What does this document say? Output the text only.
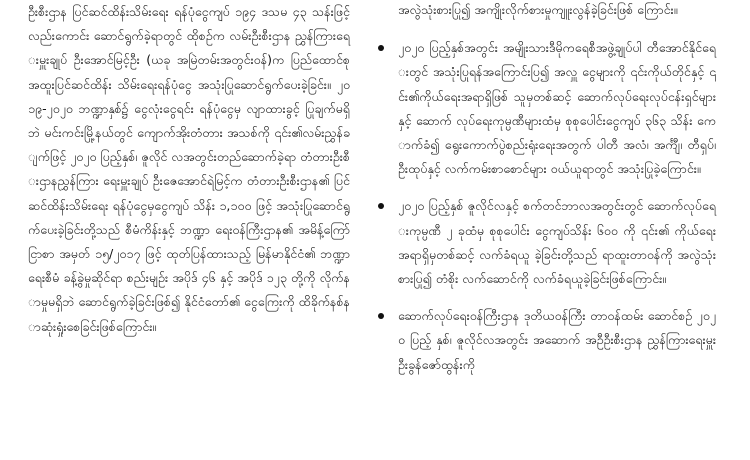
ဦးစီးဌာန ပြင်ဆင်ထိန်းသိမ်းရေး ရန်ပုံငွေကျပ် ၁၉၄ ဒသမ ၄၃ သန်းဖြင့်လည်းကောင်း ဆောင်ရွက်ခဲ့ရာတွင် ထိုစဉ်က လမ်းဦးစီးဌာန ညွှန်ကြားရေးမှူးချုပ် ဦးအောင်မြင့်ဦး (ယခု အမြဲတမ်းအတွင်းဝန်)က ပြည်ထောင်စု အထူးပြင်ဆင်ထိန်း သိမ်းရေးရန်ပုံငွေ အသုံးပြုဆောင်ရွက်ပေးခဲ့ခြင်း။ ၂၀၁၉-၂၀၂၀ ဘဏ္ဍာနှစ်၌ ငွေလုံးငွေရင်း ရန်ပုံငွေမှ လျာထားခွင့် ပြုချက်မရှိဘဲ မင်းကင်းမြို့နယ်တွင် ကျောက်အိုးတံတား အသစ်ကို ၎င်း၏လမ်းညွှန်ချက်ဖြင့် ၂၀၂၀ ပြည့်နှစ်၊ ဇူလိုင် လအတွင်းတည်ဆောက်ခဲ့ရာ တံတားဦးစီးဌာနညွှန်ကြား ရေးမှူးချုပ် ဦးဇေအောင်ရဲမြင့်က တံတားဦးစီးဌာန၏ ပြင် ဆင်ထိန်းသိမ်းရေး ရန်ပုံငွေမှငွေကျပ် သိန်း ၁,၁၀၀ ဖြင့် အသုံးပြုဆောင်ရွက်ပေးခဲ့ခြင်းတို့သည် စီမံကိန်းနှင့် ဘဏ္ဍာ ရေးဝန်ကြီးဌာန၏ အမိန့်ကြော်ငြာစာ အမှတ် ၁၅/၂၀၁၇ ဖြင့် ထုတ်ပြန်ထားသည့် မြန်မာနိုင်ငံ၏ ဘဏ္ဍာရေးစီမံ ခန့်ခွဲမှုဆိုင်ရာ စည်းမျဉ်း အပိုဒ် ၄၆ နှင့် အပိုဒ် ၁၂၃ တို့ကို လိုက်နာမှုမရှိဘဲ ဆောင်ရွက်ခဲ့ခြင်းဖြစ်၍ နိုင်ငံတော်၏ ငွေကြေးကို ထိခိုက်နစ်နာဆုံးရှုံးစေခြင်းဖြစ်ကြောင်း။

အလွဲသုံးစားပြု၍ အကျိုးလိုက်စားမှုကျူးလွန်ခဲ့ခြင်းဖြစ် ကြောင်း။

၂၀၂၀ ပြည့်နှစ်အတွင်း အမျိုးသားဒီမိုကရေစီအဖွဲ့ချုပ်ပါ တီအောင်နိုင်ရေးတွင် အသုံးပြုရန်အကြောင်းပြ၍ အလှူ ငွေများကို ၎င်းကိုယ်တိုင်နှင့် ၎င်း၏ကိုယ်ရေးအရာရှိဖြစ် သူမှတစ်ဆင့် ဆောက်လုပ်ရေးလုပ်ငန်းရှင်များနှင့် ဆောက် လုပ်ရေးကုမ္ပဏီများထံမှ စုစုပေါင်းငွေကျပ် ၃၆၃ သိန်း ကောက်ခံ၍ ရွေးကောက်ပွဲစည်းရုံးရေးအတွက် ပါတီ အလံ၊ အင်္ကျီ၊ တီရှပ်၊ ဦးထုပ်နှင့် လက်ကမ်းစာစောင်များ ဝယ်ယူရာတွင် အသုံးပြုခဲ့ကြောင်း။

၂၀၂၀ ပြည့်နှစ် ဇူလိုင်လနှင့် စက်တင်ဘာလအတွင်းတွင် ဆောက်လုပ်ရေးကုမ္ပဏီ ၂ ခုထံမှ စုစုပေါင်း ငွေကျပ်သိန်း ၆၀၀ ကို ၎င်း၏ ကိုယ်ရေးအရာရှိမှတစ်ဆင့် လက်ခံရယူ ခဲ့ခြင်းတို့သည် ရာထူးတာဝန်ကို အလွဲသုံးစားပြု၍ တံစိုး လက်ဆောင်ကို လက်ခံရယူခဲ့ခြင်းဖြစ်ကြောင်း။

ဆောက်လုပ်ရေးဝန်ကြီးဌာန ဒုတိယဝန်ကြီး တာဝန်ထမ်း ဆောင်စဉ် ၂၀၂၀ ပြည့် နှစ်၊ ဇူလိုင်လအတွင်း အဆောက် အဦဦးစီးဌာန ညွှန်ကြားရေးမှူး ဦးခွန်ဇော်ထွန်းကို
